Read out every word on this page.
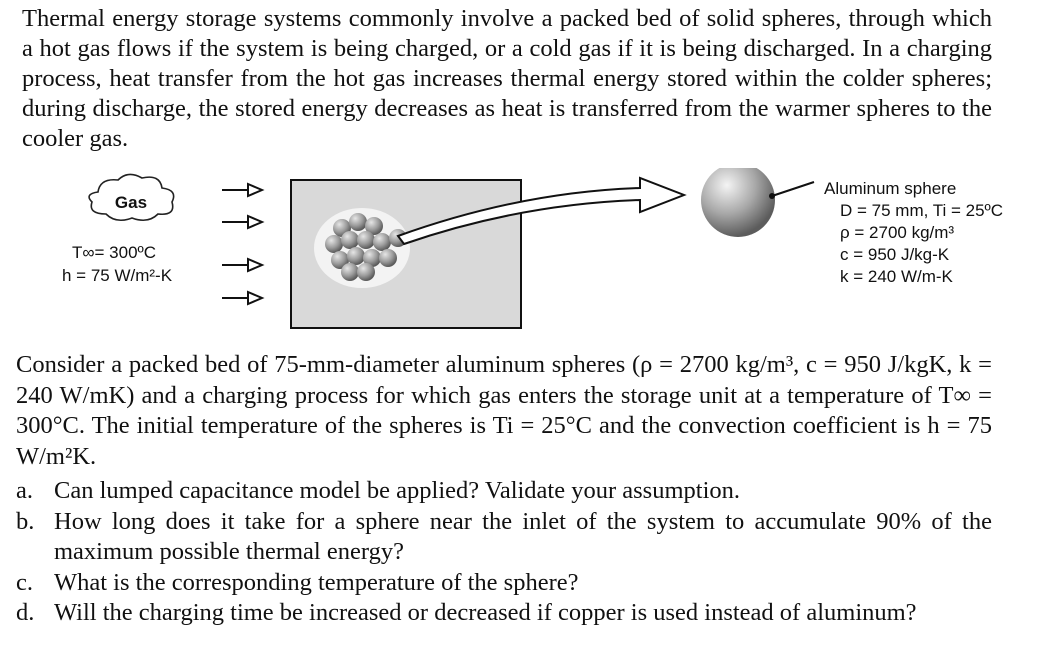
Thermal energy storage systems commonly involve a packed bed of solid spheres, through which a hot gas flows if the system is being charged, or a cold gas if it is being discharged. In a charging process, heat transfer from the hot gas increases thermal energy stored within the colder spheres; during discharge, the stored energy decreases as heat is transferred from the warmer spheres to the cooler gas.

Gas
T∞= 300ºC
h = 75 W/m²-K
Aluminum sphere
D = 75 mm, Ti = 25ºC
ρ = 2700 kg/m³
c = 950 J/kg-K
k = 240 W/m-K

Consider a packed bed of 75-mm-diameter aluminum spheres (ρ = 2700 kg/m³, c = 950 J/kgK, k = 240 W/mK) and a charging process for which gas enters the storage unit at a temperature of T∞ = 300°C. The initial temperature of the spheres is Ti = 25°C and the convection coefficient is h = 75 W/m²K.

a. Can lumped capacitance model be applied? Validate your assumption.
b. How long does it take for a sphere near the inlet of the system to accumulate 90% of the maximum possible thermal energy?
c. What is the corresponding temperature of the sphere?
d. Will the charging time be increased or decreased if copper is used instead of aluminum?
